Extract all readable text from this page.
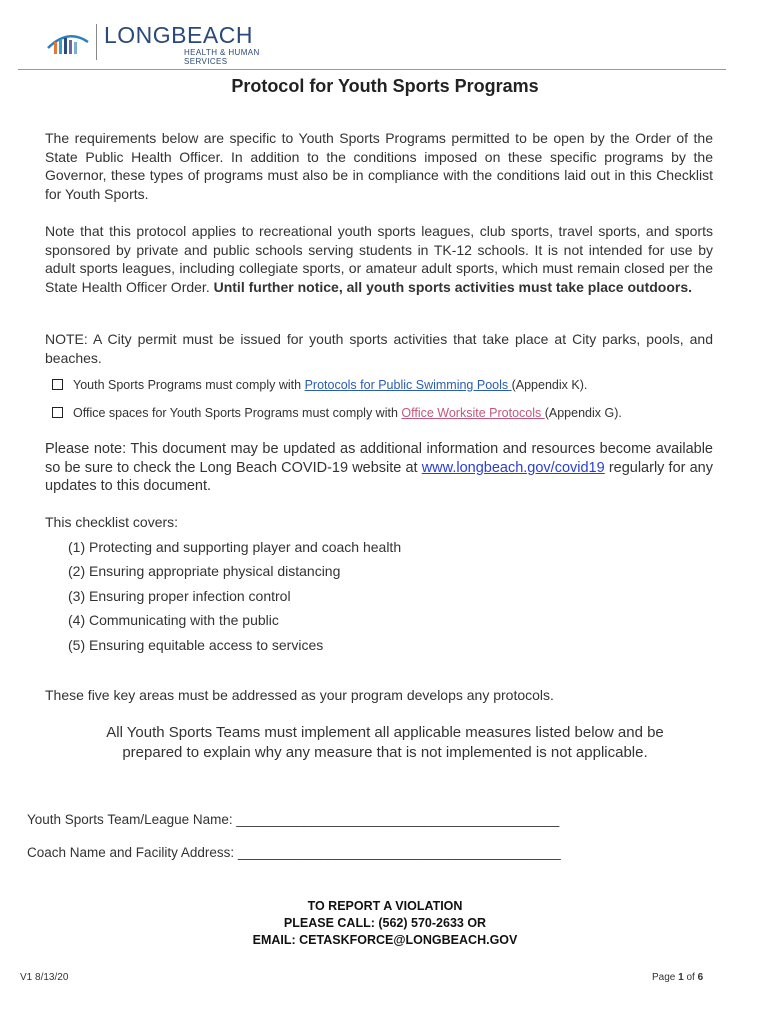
LONGBEACH
HEALTH & HUMAN SERVICES
Protocol for Youth Sports Programs
The requirements below are specific to Youth Sports Programs permitted to be open by the Order of the State Public Health Officer. In addition to the conditions imposed on these specific programs by the Governor, these types of programs must also be in compliance with the conditions laid out in this Checklist for Youth Sports.
Note that this protocol applies to recreational youth sports leagues, club sports, travel sports, and sports sponsored by private and public schools serving students in TK-12 schools. It is not intended for use by adult sports leagues, including collegiate sports, or amateur adult sports, which must remain closed per the State Health Officer Order. Until further notice, all youth sports activities must take place outdoors.
NOTE: A City permit must be issued for youth sports activities that take place at City parks, pools, and beaches.
Youth Sports Programs must comply with Protocols for Public Swimming Pools (Appendix K).
Office spaces for Youth Sports Programs must comply with Office Worksite Protocols (Appendix G).
Please note: This document may be updated as additional information and resources become available so be sure to check the Long Beach COVID-19 website at www.longbeach.gov/covid19 regularly for any updates to this document.
This checklist covers:
(1) Protecting and supporting player and coach health
(2) Ensuring appropriate physical distancing
(3) Ensuring proper infection control
(4) Communicating with the public
(5) Ensuring equitable access to services
These five key areas must be addressed as your program develops any protocols.
All Youth Sports Teams must implement all applicable measures listed below and be prepared to explain why any measure that is not implemented is not applicable.
Youth Sports Team/League Name: ___________________________________________
Coach Name and Facility Address: ___________________________________________
TO REPORT A VIOLATION
PLEASE CALL: (562) 570-2633 OR
EMAIL: CETASKFORCE@LONGBEACH.GOV
V1 8/13/20	Page 1 of 6
